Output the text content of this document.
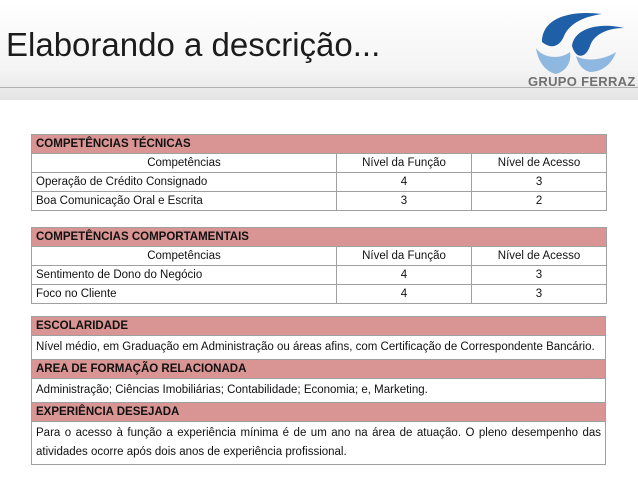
Elaborando a descrição...
GRUPO FERRAZ
COMPETÊNCIAS TÉCNICAS		
Competências	Nível da Função	Nível de Acesso
Operação de Crédito Consignado	4	3
Boa Comunicação Oral e Escrita	3	2
COMPETÊNCIAS COMPORTAMENTAIS		
Competências	Nível da Função	Nível de Acesso
Sentimento de Dono do Negócio	4	3
Foco no Cliente	4	3
ESCOLARIDADE
Nível médio, em Graduação em Administração ou áreas afins, com Certificação de Correspondente Bancário.
AREA DE FORMAÇÃO RELACIONADA
Administração; Ciências Imobiliárias; Contabilidade; Economia; e, Marketing.
EXPERIÊNCIA DESEJADA
Para o acesso à função a experiência mínima é de um ano na área de atuação. O pleno desempenho das atividades ocorre após dois anos de experiência profissional.
